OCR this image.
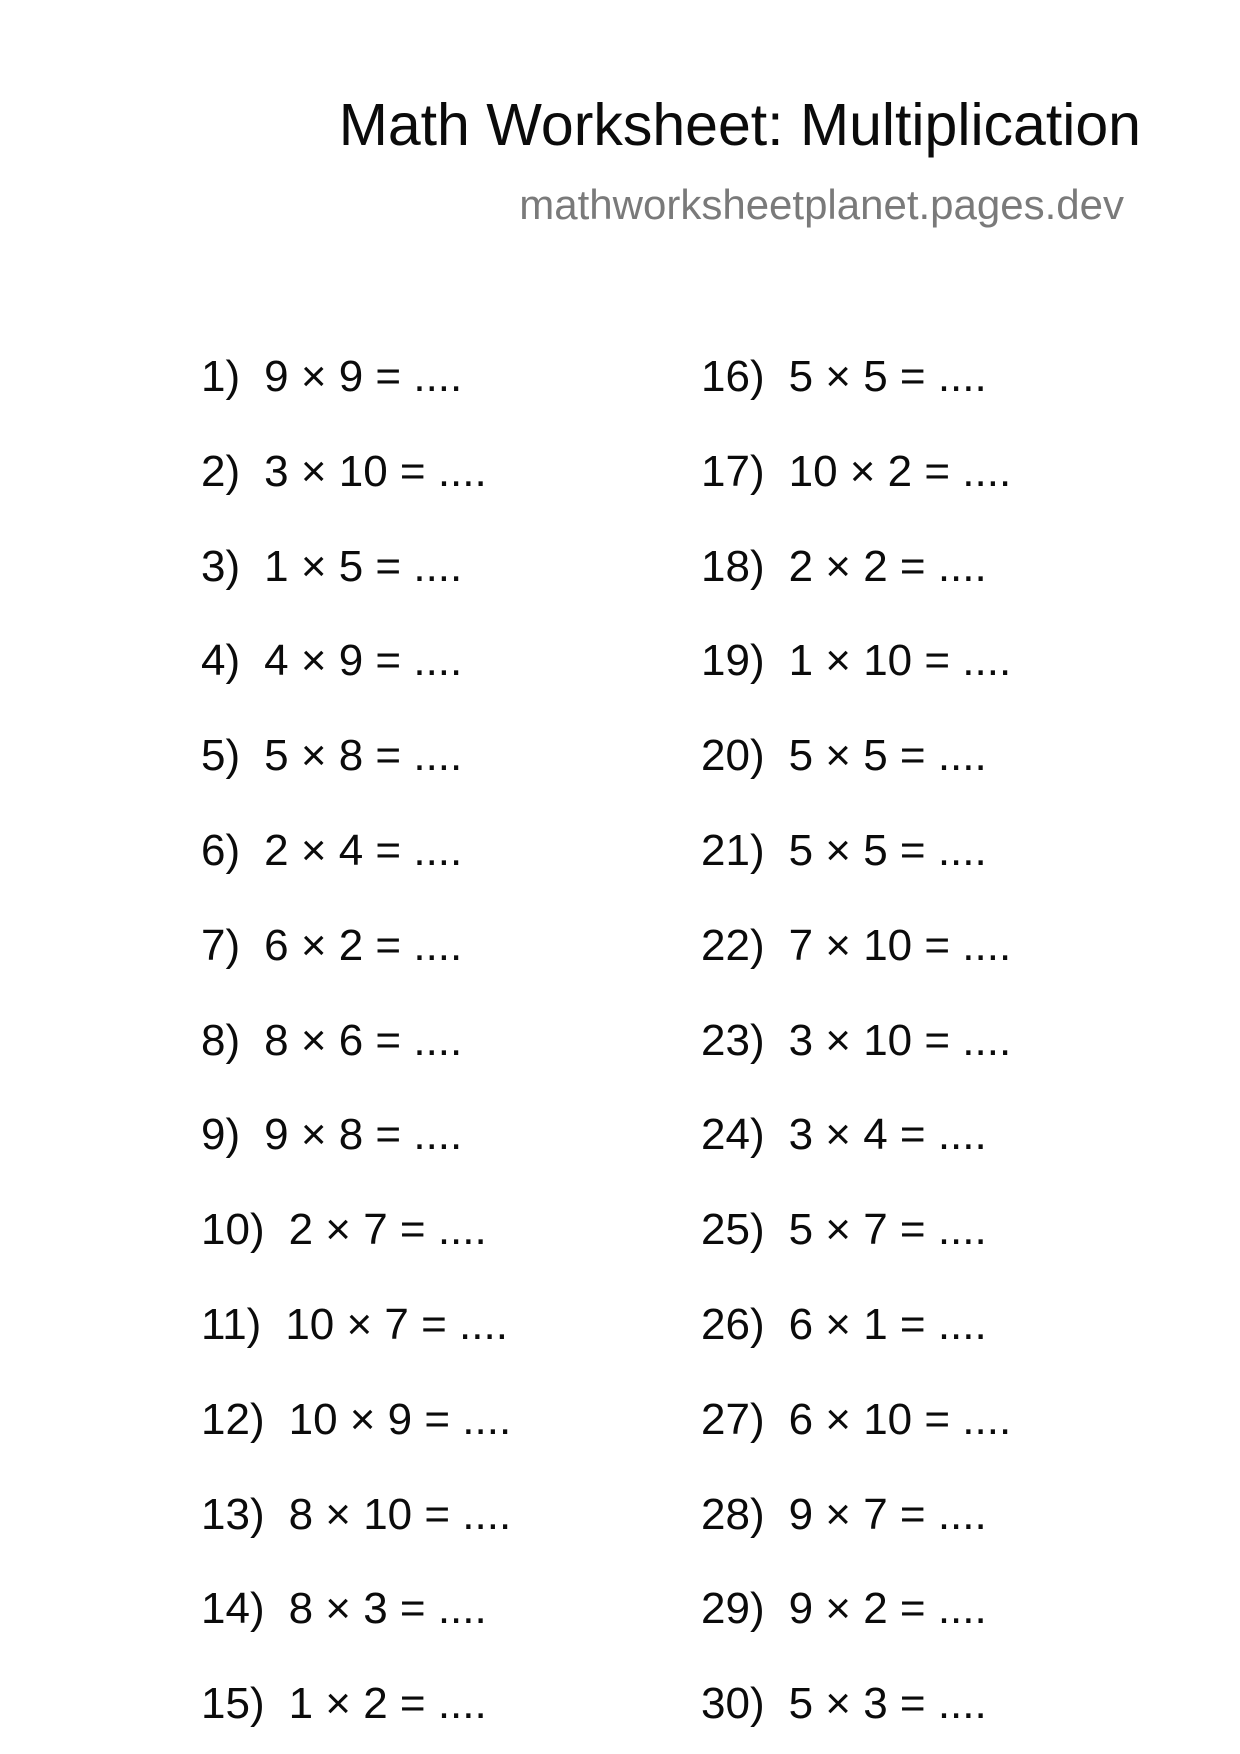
Math Worksheet: Multiplication
mathworksheetplanet.pages.dev
1) 9 × 9 = ....
2) 3 × 10 = ....
3) 1 × 5 = ....
4) 4 × 9 = ....
5) 5 × 8 = ....
6) 2 × 4 = ....
7) 6 × 2 = ....
8) 8 × 6 = ....
9) 9 × 8 = ....
10) 2 × 7 = ....
11) 10 × 7 = ....
12) 10 × 9 = ....
13) 8 × 10 = ....
14) 8 × 3 = ....
15) 1 × 2 = ....
16) 5 × 5 = ....
17) 10 × 2 = ....
18) 2 × 2 = ....
19) 1 × 10 = ....
20) 5 × 5 = ....
21) 5 × 5 = ....
22) 7 × 10 = ....
23) 3 × 10 = ....
24) 3 × 4 = ....
25) 5 × 7 = ....
26) 6 × 1 = ....
27) 6 × 10 = ....
28) 9 × 7 = ....
29) 9 × 2 = ....
30) 5 × 3 = ....
